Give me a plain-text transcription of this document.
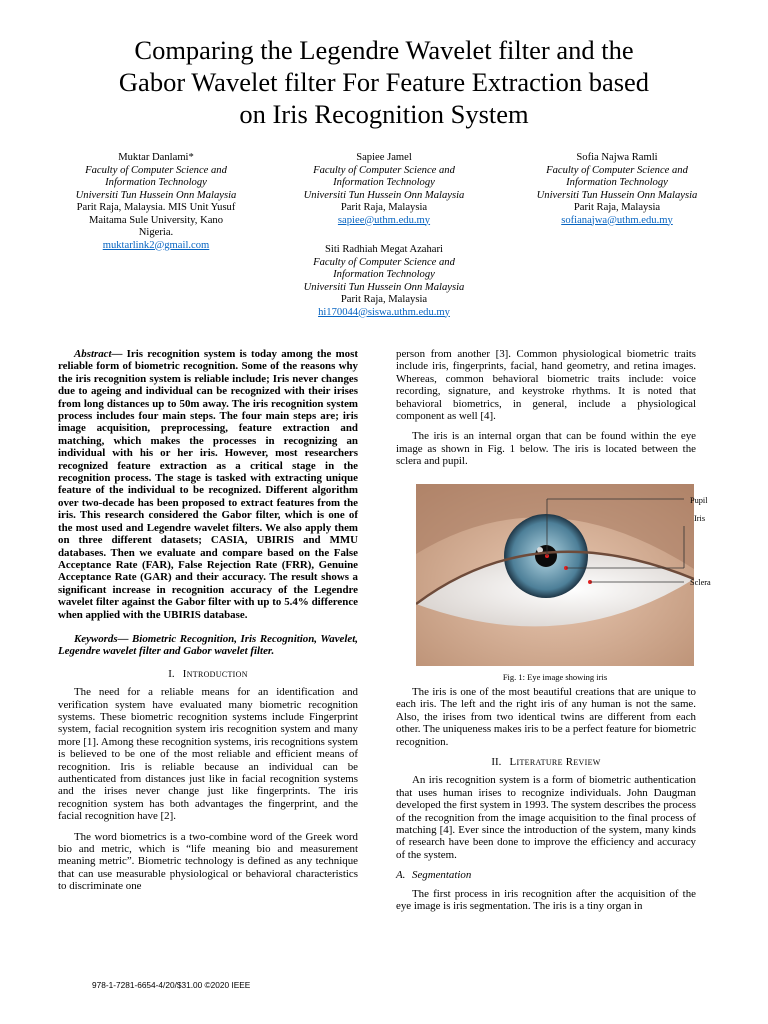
Comparing the Legendre Wavelet filter and the
Gabor Wavelet filter For Feature Extraction based
on Iris Recognition System
Muktar Danlami*
Faculty of Computer Science and
Information Technology
Universiti Tun Hussein Onn Malaysia
Parit Raja, Malaysia. MIS Unit Yusuf
Maitama Sule University, Kano
Nigeria.
muktarlink2@gmail.com
Sapiee Jamel
Faculty of Computer Science and
Information Technology
Universiti Tun Hussein Onn Malaysia
Parit Raja, Malaysia
sapiee@uthm.edu.my
Sofia Najwa Ramli
Faculty of Computer Science and
Information Technology
Universiti Tun Hussein Onn Malaysia
Parit Raja, Malaysia
sofianajwa@uthm.edu.my
Siti Radhiah Megat Azahari
Faculty of Computer Science and
Information Technology
Universiti Tun Hussein Onn Malaysia
Parit Raja, Malaysia
hi170044@siswa.uthm.edu.my

Abstract— Iris recognition system is today among the most reliable form of biometric recognition. Some of the reasons why the iris recognition system is reliable include; Iris never changes due to ageing and individual can be recognized with their irises from long distances up to 50m away. The iris recognition system process includes four main steps. The four main steps are; iris image acquisition, preprocessing, feature extraction and matching, which makes the processes in recognizing an individual with his or her iris. However, most researchers recognized feature extraction as a critical stage in the recognition process. The stage is tasked with extracting unique feature of the individual to be recognized. Different algorithm over two-decade has been proposed to extract features from the iris. This research considered the Gabor filter, which is one of the most used and Legendre wavelet filters. We also apply them on three different datasets; CASIA, UBIRIS and MMU databases. Then we evaluate and compare based on the False Acceptance Rate (FAR), False Rejection Rate (FRR), Genuine Acceptance Rate (GAR) and their accuracy. The result shows a significant increase in recognition accuracy of the Legendre wavelet filter against the Gabor filter with up to 5.4% difference when applied with the UBIRIS database.

Keywords— Biometric Recognition, Iris Recognition, Wavelet, Legendre wavelet filter and Gabor wavelet filter.

I. Introduction

The need for a reliable means for an identification and verification system have evaluated many biometric recognition systems. These biometric recognition systems include Fingerprint system, facial recognition system iris recognition system and many more [1]. Among these recognition systems, iris recognitions system is believed to be one of the most reliable and efficient means of recognition. Iris is reliable because an individual can be authenticated from distances just like in facial recognition systems and the irises never change just like fingerprints. The iris recognition system has both advantages the fingerprint, and the facial recognition have [2].

The word biometrics is a two-combine word of the Greek word bio and metric, which is “life meaning bio and measurement meaning metric”. Biometric technology is defined as any technique that can use measurable physiological or behavioral characteristics to discriminate one

person from another [3]. Common physiological biometric traits include iris, fingerprints, facial, hand geometry, and retina images. Whereas, common behavioral biometric traits include: voice recording, signature, and keystroke rhythms. It is noted that behavioral biometrics, in general, include a physiological component as well [4].

The iris is an internal organ that can be found within the eye image as shown in Fig. 1 below. The iris is located between the sclera and pupil.

Pupil
Iris
Sclera
Fig. 1: Eye image showing iris

The iris is one of the most beautiful creations that are unique to each iris. The left and the right iris of any human is not the same. Also, the irises from two identical twins are different from each other. The uniqueness makes iris to be a perfect feature for biometric recognition.

II. Literature Review

An iris recognition system is a form of biometric authentication that uses human irises to recognize individuals. John Daugman developed the first system in 1993. The system describes the process of the recognition from the image acquisition to the final process of matching [4]. Ever since the introduction of the system, many kinds of research have been done to improve the efficiency and accuracy of the system.

A. Segmentation

The first process in iris recognition after the acquisition of the eye image is iris segmentation. The iris is a tiny organ in

978-1-7281-6654-4/20/$31.00 ©2020 IEEE
